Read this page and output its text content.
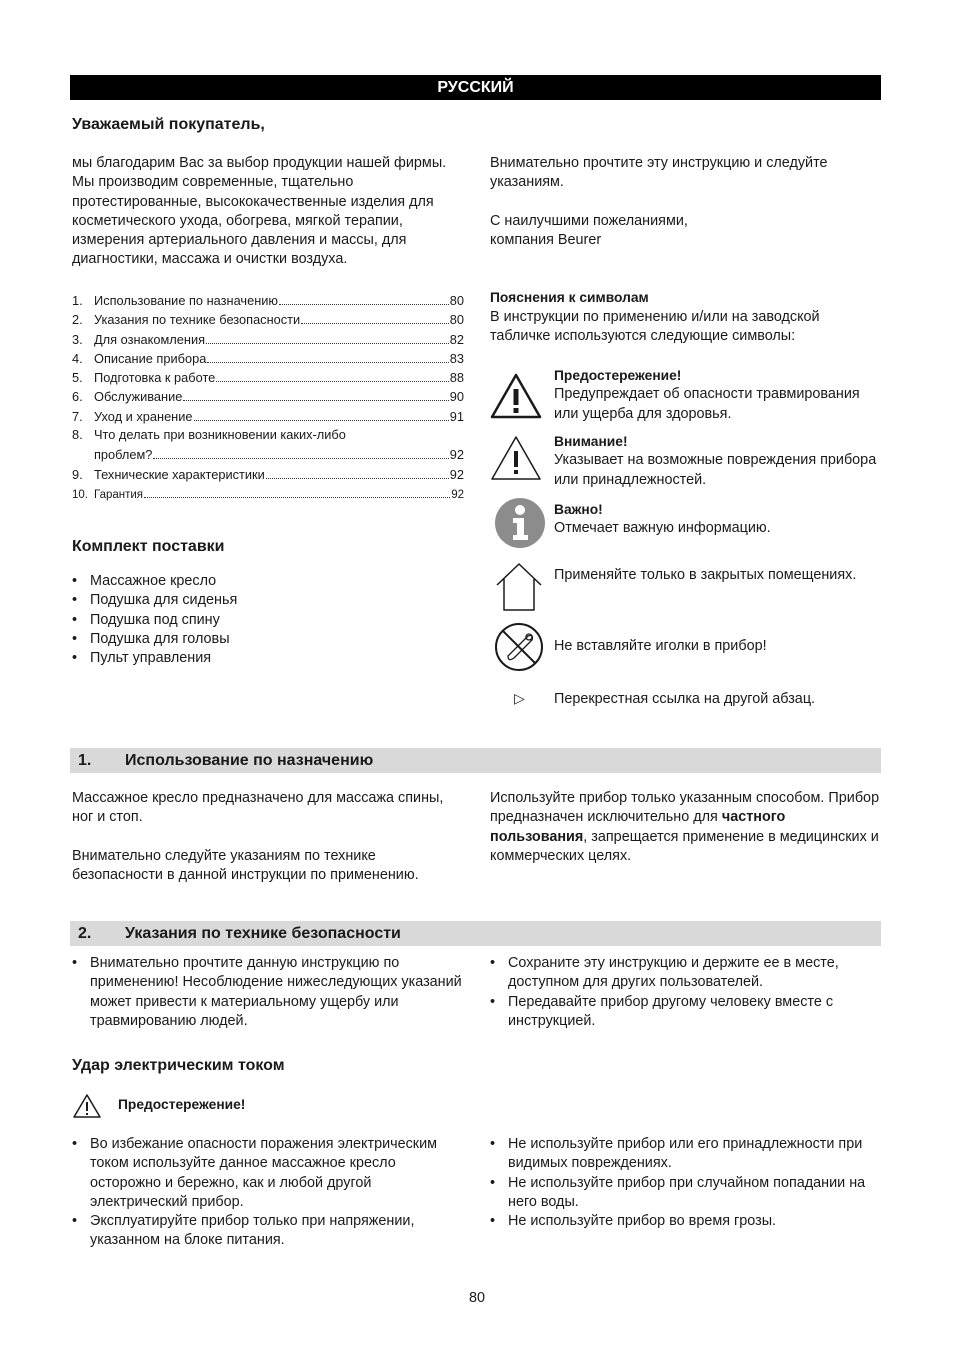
РУССКИЙ
Уважаемый покупатель,
мы благодарим Вас за выбор продукции нашей фирмы. Мы производим современные, тщательно протестированные, высококачественные изделия для косметического ухода, обогрева, мягкой терапии, измерения артериального давления и массы, для диагностики, массажа и очистки воздуха.
Внимательно прочтите эту инструкцию и следуйте указаниям.
С наилучшими пожеланиями,
компания Beurer
1. Использование по назначению	80
2. Указания по технике безопасности	80
3. Для ознакомления	82
4. Описание прибора	83
5. Подготовка к работе	88
6. Обслуживание	90
7. Уход и хранение	91
8. Что делать при возникновении каких-либо
проблем?	92
9. Технические характеристики	92
10. Гарантия	92
Комплект поставки
• Массажное кресло
• Подушка для сиденья
• Подушка под спину
• Подушка для головы
• Пульт управления
Пояснения к символам
В инструкции по применению и/или на заводской табличке используются следующие символы:
Предостережение!
Предупреждает об опасности травмирования или ущерба для здоровья.
Внимание!
Указывает на возможные повреждения прибора или принадлежностей.
Важно!
Отмечает важную информацию.
Применяйте только в закрытых помещениях.
Не вставляйте иголки в прибор!
▷ Перекрестная ссылка на другой абзац.
1. Использование по назначению
Массажное кресло предназначено для массажа спины, ног и стоп.
Внимательно следуйте указаниям по технике безопасности в данной инструкции по применению.
Используйте прибор только указанным способом. Прибор предназначен исключительно для частного пользования, запрещается применение в медицинских и коммерческих целях.
2. Указания по технике безопасности
• Внимательно прочтите данную инструкцию по применению! Несоблюдение нижеследующих указаний может привести к материальному ущербу или травмированию людей.
• Сохраните эту инструкцию и держите ее в месте, доступном для других пользователей.
• Передавайте прибор другому человеку вместе с инструкцией.
Удар электрическим током
Предостережение!
• Во избежание опасности поражения электрическим током используйте данное массажное кресло осторожно и бережно, как и любой другой электрический прибор.
• Эксплуатируйте прибор только при напряжении, указанном на блоке питания.
• Не используйте прибор или его принадлежности при видимых повреждениях.
• Не используйте прибор при случайном попадании на него воды.
• Не используйте прибор во время грозы.
80
